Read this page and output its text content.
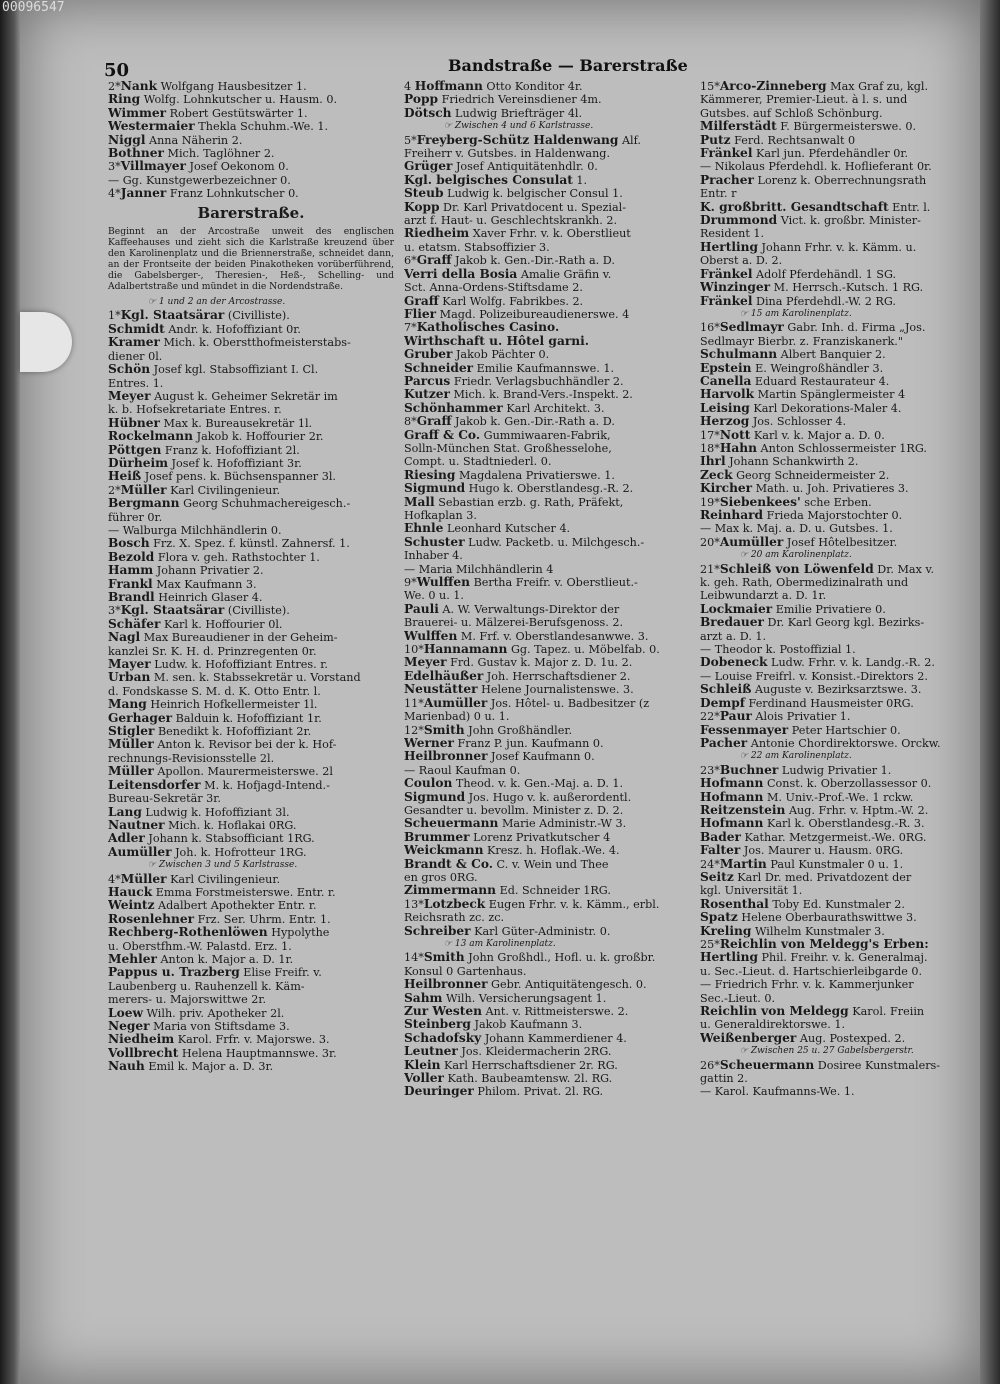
00096547
50	Bandstraße — Barerstraße
2*Nank Wolfgang Hausbesitzer 1.
Ring Wolfg. Lohnkutscher u. Hausm. 0.
Wimmer Robert Gestütswärter 1.
Westermaier Thekla Schuhm.-We. 1.
Niggl Anna Näherin 2.
Bothner Mich. Taglöhner 2.
3*Villmayer Josef Oekonom 0.
— Gg. Kunstgewerbezeichner 0.
4*Janner Franz Lohnkutscher 0.
Barerstraße.
Beginnt an der Arcostraße unweit des englischen Kaffeehauses und zieht sich die Karlstraße kreuzend über den Karolinenplatz und die Briennerstraße, schneidet dann, an der Frontseite der beiden Pinakotheken vorüberführend, die Gabelsberger-, Theresien-, Heß-, Schelling- und Adalbertstraße und mündet in die Nordendstraße.
☞ 1 und 2 an der Arcostrasse.
1*Kgl. Staatsärar (Civilliste).
Schmidt Andr. k. Hofoffiziant 0r.
Kramer Mich. k. Oberstthofmeisterstabs-
diener 0l.
Schön Josef kgl. Stabsoffiziant I. Cl.
Entres. 1.
Meyer August k. Geheimer Sekretär im
k. b. Hofsekretariate Entres. r.
Hübner Max k. Bureausekretär 1l.
Rockelmann Jakob k. Hoffourier 2r.
Pöttgen Franz k. Hofoffiziant 2l.
Dürheim Josef k. Hofoffiziant 3r.
Heiß Josef pens. k. Büchsenspanner 3l.
2*Müller Karl Civilingenieur.
Bergmann Georg Schuhmachereigesch.-
führer 0r.
— Walburga Milchhändlerin 0.
Bosch Frz. X. Spez. f. künstl. Zahnersf. 1.
Bezold Flora v. geh. Rathstochter 1.
Hamm Johann Privatier 2.
Frankl Max Kaufmann 3.
Brandl Heinrich Glaser 4.
3*Kgl. Staatsärar (Civilliste).
Schäfer Karl k. Hoffourier 0l.
Nagl Max Bureaudiener in der Geheim-
kanzlei Sr. K. H. d. Prinzregenten 0r.
Mayer Ludw. k. Hofoffiziant Entres. r.
Urban M. sen. k. Stabssekretär u. Vorstand
d. Fondskasse S. M. d. K. Otto Entr. l.
Mang Heinrich Hofkellermeister 1l.
Gerhager Balduin k. Hofoffiziant 1r.
Stigler Benedikt k. Hofoffiziant 2r.
Müller Anton k. Revisor bei der k. Hof-
rechnungs-Revisionsstelle 2l.
Müller Apollon. Maurermeisterswe. 2l
Leitensdorfer M. k. Hofjagd-Intend.-
Bureau-Sekretär 3r.
Lang Ludwig k. Hofoffiziant 3l.
Nautner Mich. k. Hoflakai 0RG.
Adler Johann k. Stabsofficiant 1RG.
Aumüller Joh. k. Hofrotteur 1RG.
☞ Zwischen 3 und 5 Karlstrasse.
4*Müller Karl Civilingenieur.
Hauck Emma Forstmeisterswe. Entr. r.
Weintz Adalbert Apothekter Entr. r.
Rosenlehner Frz. Ser. Uhrm. Entr. 1.
Rechberg-Rothenlöwen Hypolythe
u. Oberstfhm.-W. Palastd. Erz. 1.
Mehler Anton k. Major a. D. 1r.
Pappus u. Trazberg Elise Freifr. v.
Laubenberg u. Rauhenzell k. Käm-
merers- u. Majorswittwe 2r.
Loew Wilh. priv. Apotheker 2l.
Neger Maria von Stiftsdame 3.
Niedheim Karol. Frfr. v. Majorswe. 3.
Vollbrecht Helena Hauptmannswe. 3r.
Nauh Emil k. Major a. D. 3r.
4 Hoffmann Otto Konditor 4r.
Popp Friedrich Vereinsdiener 4m.
Dötsch Ludwig Briefträger 4l.
☞ Zwischen 4 und 6 Karlstrasse.
5*Freyberg-Schütz Haldenwang Alf.
Freiherr v. Gutsbes. in Haldenwang.
Grüger Josef Antiquitätenhdlr. 0.
Kgl. belgisches Consulat 1.
Steub Ludwig k. belgischer Consul 1.
Kopp Dr. Karl Privatdocent u. Spezial-
arzt f. Haut- u. Geschlechtskrankh. 2.
Riedheim Xaver Frhr. v. k. Oberstlieut
u. etatsm. Stabsoffizier 3.
6*Graff Jakob k. Gen.-Dir.-Rath a. D.
Verri della Bosia Amalie Gräfin v.
Sct. Anna-Ordens-Stiftsdame 2.
Graff Karl Wolfg. Fabrikbes. 2.
Flier Magd. Polizeibureaudienerswe. 4
7*Katholisches Casino.
Wirthschaft u. Hôtel garni.
Gruber Jakob Pächter 0.
Schneider Emilie Kaufmannswe. 1.
Parcus Friedr. Verlagsbuchhändler 2.
Kutzer Mich. k. Brand-Vers.-Inspekt. 2.
Schönhammer Karl Architekt. 3.
8*Graff Jakob k. Gen.-Dir.-Rath a. D.
Graff & Co. Gummiwaaren-Fabrik,
Solln-München Stat. Großhesselohe,
Compt. u. Stadtniederl. 0.
Riesing Magdalena Privatierswe. 1.
Sigmund Hugo k. Oberstlandesg.-R. 2.
Mall Sebastian erzb. g. Rath, Präfekt,
Hofkaplan 3.
Ehnle Leonhard Kutscher 4.
Schuster Ludw. Packetb. u. Milchgesch.-
Inhaber 4.
— Maria Milchhändlerin 4
9*Wulffen Bertha Freifr. v. Oberstlieut.-
We. 0 u. 1.
Pauli A. W. Verwaltungs-Direktor der
Brauerei- u. Mälzerei-Berufsgenoss. 2.
Wulffen M. Frf. v. Oberstlandesanwwe. 3.
10*Hannamann Gg. Tapez. u. Möbelfab. 0.
Meyer Frd. Gustav k. Major z. D. 1u. 2.
Edelhäußer Joh. Herrschaftsdiener 2.
Neustätter Helene Journalistenswe. 3.
11*Aumüller Jos. Hôtel- u. Badbesitzer (z
Marienbad) 0 u. 1.
12*Smith John Großhändler.
Werner Franz P. jun. Kaufmann 0.
Heilbronner Josef Kaufmann 0.
— Raoul Kaufman 0.
Coulon Theod. v. k. Gen.-Maj. a. D. 1.
Sigmund Jos. Hugo v. k. außerordentl.
Gesandter u. bevollm. Minister z. D. 2.
Scheuermann Marie Administr.-W 3.
Brummer Lorenz Privatkutscher 4
Weickmann Kresz. h. Hoflak.-We. 4.
Brandt & Co. C. v. Wein und Thee
en gros 0RG.
Zimmermann Ed. Schneider 1RG.
13*Lotzbeck Eugen Frhr. v. k. Kämm., erbl.
Reichsrath zc. zc.
Schreiber Karl Güter-Administr. 0.
☞ 13 am Karolinenplatz.
14*Smith John Großhdl., Hofl. u. k. großbr.
Konsul 0 Gartenhaus.
Heilbronner Gebr. Antiquitätengesch. 0.
Sahm Wilh. Versicherungsagent 1.
Zur Westen Ant. v. Rittmeisterswe. 2.
Steinberg Jakob Kaufmann 3.
Schadofsky Johann Kammerdiener 4.
Leutner Jos. Kleidermacherin 2RG.
Klein Karl Herrschaftsdiener 2r. RG.
Voller Kath. Baubeamtensw. 2l. RG.
Deuringer Philom. Privat. 2l. RG.
15*Arco-Zinneberg Max Graf zu, kgl.
Kämmerer, Premier-Lieut. à l. s. und
Gutsbes. auf Schloß Schönburg.
Milferstädt F. Bürgermeisterswe. 0.
Putz Ferd. Rechtsanwalt 0
Fränkel Karl jun. Pferdehändler 0r.
— Nikolaus Pferdehdl. k. Hoflieferant 0r.
Pracher Lorenz k. Oberrechnungsrath
Entr. r
K. großbritt. Gesandtschaft Entr. l.
Drummond Vict. k. großbr. Minister-
Resident 1.
Hertling Johann Frhr. v. k. Kämm. u.
Oberst a. D. 2.
Fränkel Adolf Pferdehändl. 1 SG.
Winzinger M. Herrsch.-Kutsch. 1 RG.
Fränkel Dina Pferdehdl.-W. 2 RG.
☞ 15 am Karolinenplatz.
16*Sedlmayr Gabr. Inh. d. Firma „Jos.
Sedlmayr Bierbr. z. Franziskanerk."
Schulmann Albert Banquier 2.
Epstein E. Weingroßhändler 3.
Canella Eduard Restaurateur 4.
Harvolk Martin Spänglermeister 4
Leising Karl Dekorations-Maler 4.
Herzog Jos. Schlosser 4.
17*Nott Karl v. k. Major a. D. 0.
18*Hahn Anton Schlossermeister 1RG.
Ihrl Johann Schankwirth 2.
Zeck Georg Schneidermeister 2.
Kircher Math. u. Joh. Privatieres 3.
19*Siebenkees' sche Erben.
Reinhard Frieda Majorstochter 0.
— Max k. Maj. a. D. u. Gutsbes. 1.
20*Aumüller Josef Hôtelbesitzer.
☞ 20 am Karolinenplatz.
21*Schleiß von Löwenfeld Dr. Max v.
k. geh. Rath, Obermedizinalrath und
Leibwundarzt a. D. 1r.
Lockmaier Emilie Privatiere 0.
Bredauer Dr. Karl Georg kgl. Bezirks-
arzt a. D. 1.
— Theodor k. Postoffizial 1.
Dobeneck Ludw. Frhr. v. k. Landg.-R. 2.
— Louise Freifrl. v. Konsist.-Direktors 2.
Schleiß Auguste v. Bezirksarztswe. 3.
Dempf Ferdinand Hausmeister 0RG.
22*Paur Alois Privatier 1.
Fessenmayer Peter Hartschier 0.
Pacher Antonie Chordirektorswe. Orckw.
☞ 22 am Karolinenplatz.
23*Buchner Ludwig Privatier 1.
Hofmann Const. k. Oberzollassessor 0.
Hofmann M. Univ.-Prof.-We. 1 rckw.
Reitzenstein Aug. Frhr. v. Hptm.-W. 2.
Hofmann Karl k. Oberstlandesg.-R. 3.
Bader Kathar. Metzgermeist.-We. 0RG.
Falter Jos. Maurer u. Hausm. 0RG.
24*Martin Paul Kunstmaler 0 u. 1.
Seitz Karl Dr. med. Privatdozent der
kgl. Universität 1.
Rosenthal Toby Ed. Kunstmaler 2.
Spatz Helene Oberbaurathswittwe 3.
Kreling Wilhelm Kunstmaler 3.
25*Reichlin von Meldegg's Erben:
Hertling Phil. Freihr. v. k. Generalmaj.
u. Sec.-Lieut. d. Hartschierleibgarde 0.
— Friedrich Frhr. v. k. Kammerjunker
Sec.-Lieut. 0.
Reichlin von Meldegg Karol. Freiin
u. Generaldirektorswe. 1.
Weißenberger Aug. Postexped. 2.
☞ Zwischen 25 u. 27 Gabelsbergerstr.
26*Scheuermann Dosiree Kunstmalers-
gattin 2.
— Karol. Kaufmanns-We. 1.
